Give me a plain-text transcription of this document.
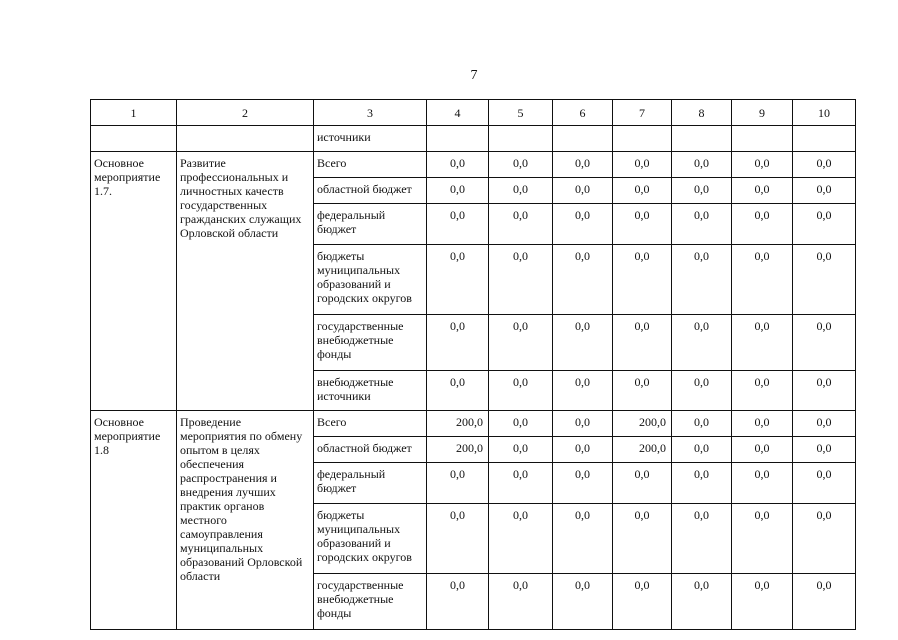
7
1	2	3	4	5	6	7	8	9	10
		источники							
Основное мероприятие 1.7.	Развитие профессиональных и личностных качеств государственных гражданских служащих Орловской области	Всего	0,0	0,0	0,0	0,0	0,0	0,0	0,0
		областной бюджет	0,0	0,0	0,0	0,0	0,0	0,0	0,0
		федеральный бюджет	0,0	0,0	0,0	0,0	0,0	0,0	0,0
		бюджеты муниципальных образований и городских округов	0,0	0,0	0,0	0,0	0,0	0,0	0,0
		государственные внебюджетные фонды	0,0	0,0	0,0	0,0	0,0	0,0	0,0
		внебюджетные источники	0,0	0,0	0,0	0,0	0,0	0,0	0,0
Основное мероприятие 1.8	Проведение мероприятия по обмену опытом в целях обеспечения распространения и внедрения лучших практик органов местного самоуправления муниципальных образований Орловской области	Всего	200,0	0,0	0,0	200,0	0,0	0,0	0,0
		областной бюджет	200,0	0,0	0,0	200,0	0,0	0,0	0,0
		федеральный бюджет	0,0	0,0	0,0	0,0	0,0	0,0	0,0
		бюджеты муниципальных образований и городских округов	0,0	0,0	0,0	0,0	0,0	0,0	0,0
		государственные внебюджетные фонды	0,0	0,0	0,0	0,0	0,0	0,0	0,0
